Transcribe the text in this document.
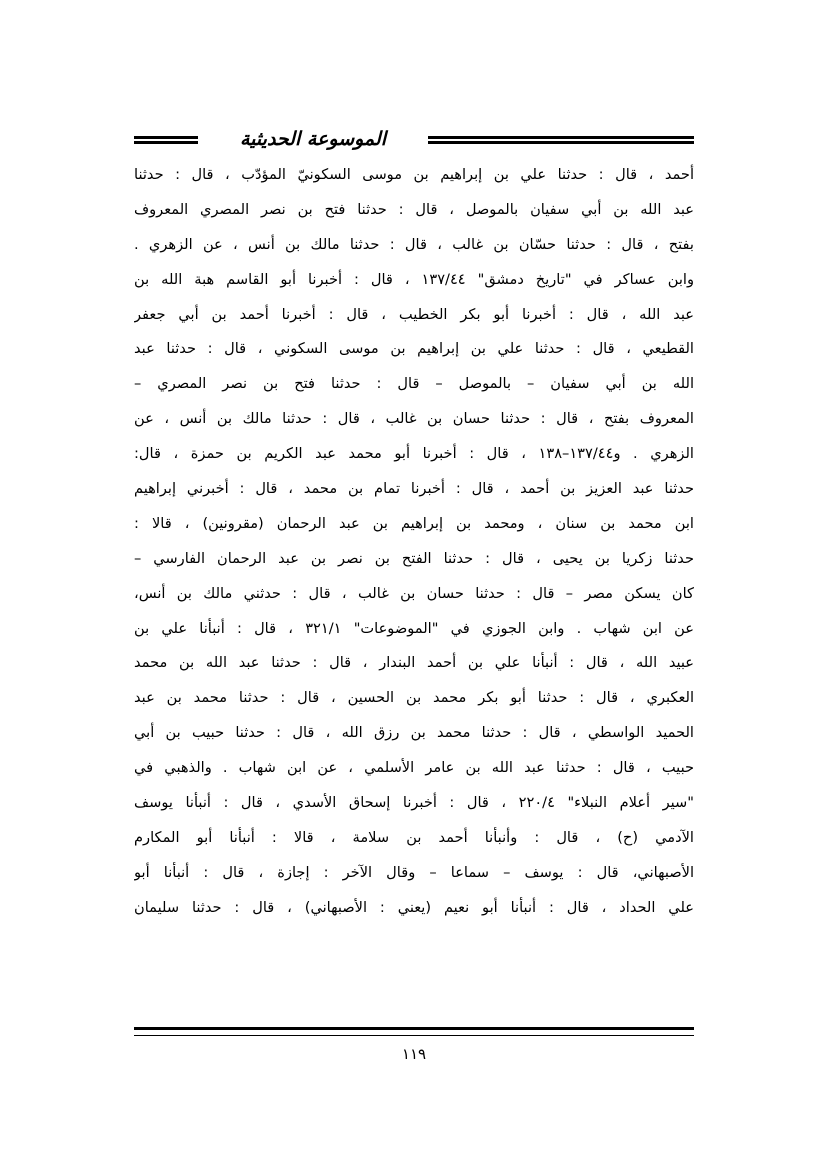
الموسوعة الحديثية
أحمد ، قال : حدثنا علي بن إبراهيم بن موسى السكونيّ المؤدّب ، قال : حدثنا
عبد الله بن أبي سفيان بالموصل ، قال : حدثنا فتح بن نصر المصري المعروف
بفتح ، قال : حدثنا حسّان بن غالب ، قال : حدثنا مالك بن أنس ، عن الزهري .
وابن عساكر في "تاريخ دمشق" ١٣٧/٤٤ ، قال : أخبرنا أبو القاسم هبة الله بن
عبد الله ، قال : أخبرنا أبو بكر الخطيب ، قال : أخبرنا أحمد بن أبي جعفر
القطيعي ، قال : حدثنا علي بن إبراهيم بن موسى السكوني ، قال : حدثنا عبد
الله بن أبي سفيان – بالموصل – قال : حدثنا فتح بن نصر المصري –
المعروف بفتح ، قال : حدثنا حسان بن غالب ، قال : حدثنا مالك بن أنس ، عن
الزهري . و١٣٧/٤٤–١٣٨ ، قال : أخبرنا أبو محمد عبد الكريم بن حمزة ، قال:
حدثنا عبد العزيز بن أحمد ، قال : أخبرنا تمام بن محمد ، قال : أخبرني إبراهيم
ابن محمد بن سنان ، ومحمد بن إبراهيم بن عبد الرحمان (مقرونين) ، قالا :
حدثنا زكريا بن يحيى ، قال : حدثنا الفتح بن نصر بن عبد الرحمان الفارسي –
كان يسكن مصر – قال : حدثنا حسان بن غالب ، قال : حدثني مالك بن أنس،
عن ابن شهاب . وابن الجوزي في "الموضوعات" ٣٢١/١ ، قال : أنبأنا علي بن
عبيد الله ، قال : أنبأنا علي بن أحمد البندار ، قال : حدثنا عبد الله بن محمد
العكبري ، قال : حدثنا أبو بكر محمد بن الحسين ، قال : حدثنا محمد بن عبد
الحميد الواسطي ، قال : حدثنا محمد بن رزق الله ، قال : حدثنا حبيب بن أبي
حبيب ، قال : حدثنا عبد الله بن عامر الأسلمي ، عن ابن شهاب . والذهبي في
"سير أعلام النبلاء" ٢٢٠/٤ ، قال : أخبرنا إسحاق الأسدي ، قال : أنبأنا يوسف
الآدمي (ح) ، قال : وأنبأنا أحمد بن سلامة ، قالا : أنبأنا أبو المكارم
الأصبهاني، قال : يوسف – سماعا – وقال الآخر : إجازة ، قال : أنبأنا أبو
علي الحداد ، قال : أنبأنا أبو نعيم (يعني : الأصبهاني) ، قال : حدثنا سليمان
١١٩
